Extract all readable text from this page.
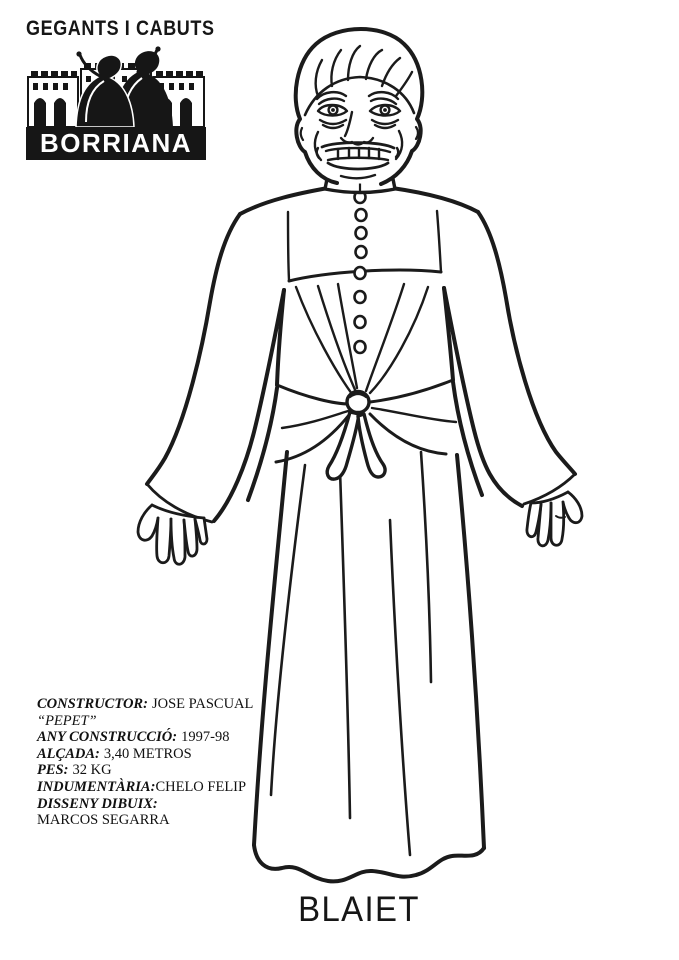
GEGANTS I CABUTS
BORRIANA
CONSTRUCTOR: JOSE PASCUAL
“PEPET”
ANY CONSTRUCCIÓ: 1997-98
ALÇADA: 3,40 METROS
PES: 32 KG
INDUMENTÀRIA:CHELO FELIP
DISSENY DIBUIX:
MARCOS SEGARRA
BLAIET
